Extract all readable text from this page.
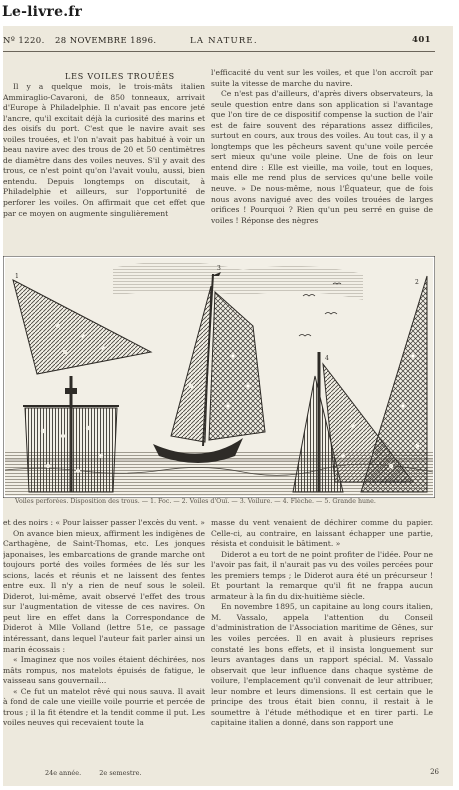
Le-livre.fr
Nº 1220. 28 NOVEMBRE 1896.	LA NATURE.	401
LES VOILES TROUÉES

Il y a quelque mois, le trois-mâts italien Ammiraglio-Cavaroni, de 850 tonneaux, arrivait d'Europe à Philadelphie. Il n'avait pas encore jeté l'ancre, qu'il excitait déjà la curiosité des marins et des oisifs du port. C'est que le navire avait ses voiles trouées, et l'on n'avait pas habitué à voir un beau navire avec des trous de 20 et 50 centimètres de diamètre dans des voiles neuves. S'il y avait des trous, ce n'est point qu'on l'avait voulu, aussi, bien entendu. Depuis longtemps on discutait, à Philadelphie et ailleurs, sur l'opportunité de perforer les voiles. On affirmait que cet effet que par ce moyen on augmente singulièrement

l'efficacité du vent sur les voiles, et que l'on accroît par suite la vitesse de marche du navire.

Ce n'est pas d'ailleurs, d'après divers observateurs, la seule question entre dans son application si l'avantage que l'on tire de ce dispositif compense la suction de l'air est de faire souvent des réparations assez difficiles, surtout en cours, aux trous des voiles. Au tout cas, il y a longtemps que les pêcheurs savent qu'une voile percée sert mieux qu'une voile pleine. Une de fois on leur entend dire : Elle est vieille, ma voile, tout en loques, mais elle me rend plus de services qu'une belle voile neuve. » De nous-même, nous l'Équateur, que de fois nous avons navigué avec des voiles trouées de larges orifices ! Pourquoi ? Rien qu'un peu serré en guise de voiles ! Réponse des nègres

1
3
4
2
Le Naturaliste
Voiles perforées. Disposition des trous. — 1. Foc. — 2. Voiles d'Ouï. — 3. Voilure. — 4. Flèche. — 5. Grande hune.

et des noirs : « Pour laisser passer l'excès du vent. »

On avance bien mieux, affirment les indigènes de Carthagène, de Saint-Thomas, etc. Les jonques japonaises, les embarcations de grande marche ont toujours porté des voiles formées de lés sur les scions, lacés et réunis et ne laissent des fentes entre eux. Il n'y a rien de neuf sous le soleil. Diderot, lui-même, avait observé l'effet des trous sur l'augmentation de vitesse de ces navires. On peut lire en effet dans la Correspondance de Diderot à Mlle Volland (lettre 51e, ce passage intéressant, dans lequel l'auteur fait parler ainsi un marin écossais :

« Imaginez que nos voiles étaient déchirées, nos mâts rompus, nos matelots épuisés de fatigue, le vaisseau sans gouvernail...

« Ce fut un matelot rêvé qui nous sauva. Il avait à fond de cale une vieille voile pourrie et percée de trous ; il la fit étendre et la tendit comme il put. Les voiles neuves qui recevaient toute la

masse du vent venaient de déchirer comme du papier. Celle-ci, au contraire, en laissant échapper une partie, résista et conduisit le bâtiment. »

Diderot a eu tort de ne point profiter de l'idée. Pour ne l'avoir pas fait, il n'aurait pas vu des voiles percées pour les premiers temps ; le Diderot aura été un précurseur ! Et pourtant la remarque qu'il fit ne frappa aucun armateur à la fin du dix-huitième siècle.

En novembre 1895, un capitaine au long cours italien, M. Vassalo, appela l'attention du Conseil d'administration de l'Association maritime de Gênes, sur les voiles percées. Il en avait à plusieurs reprises constaté les bons effets, et il insista longuement sur leurs avantages dans un rapport spécial. M. Vassalo observait que leur influence dans chaque système de voilure, l'emplacement qu'il convenait de leur attribuer, leur nombre et leurs dimensions. Il est certain que le principe des trous était bien connu, il restait à le soumettre à l'étude méthodique et en tirer parti. Le capitaine italien a donné, dans son rapport une

24e année.	2e semestre.	26
